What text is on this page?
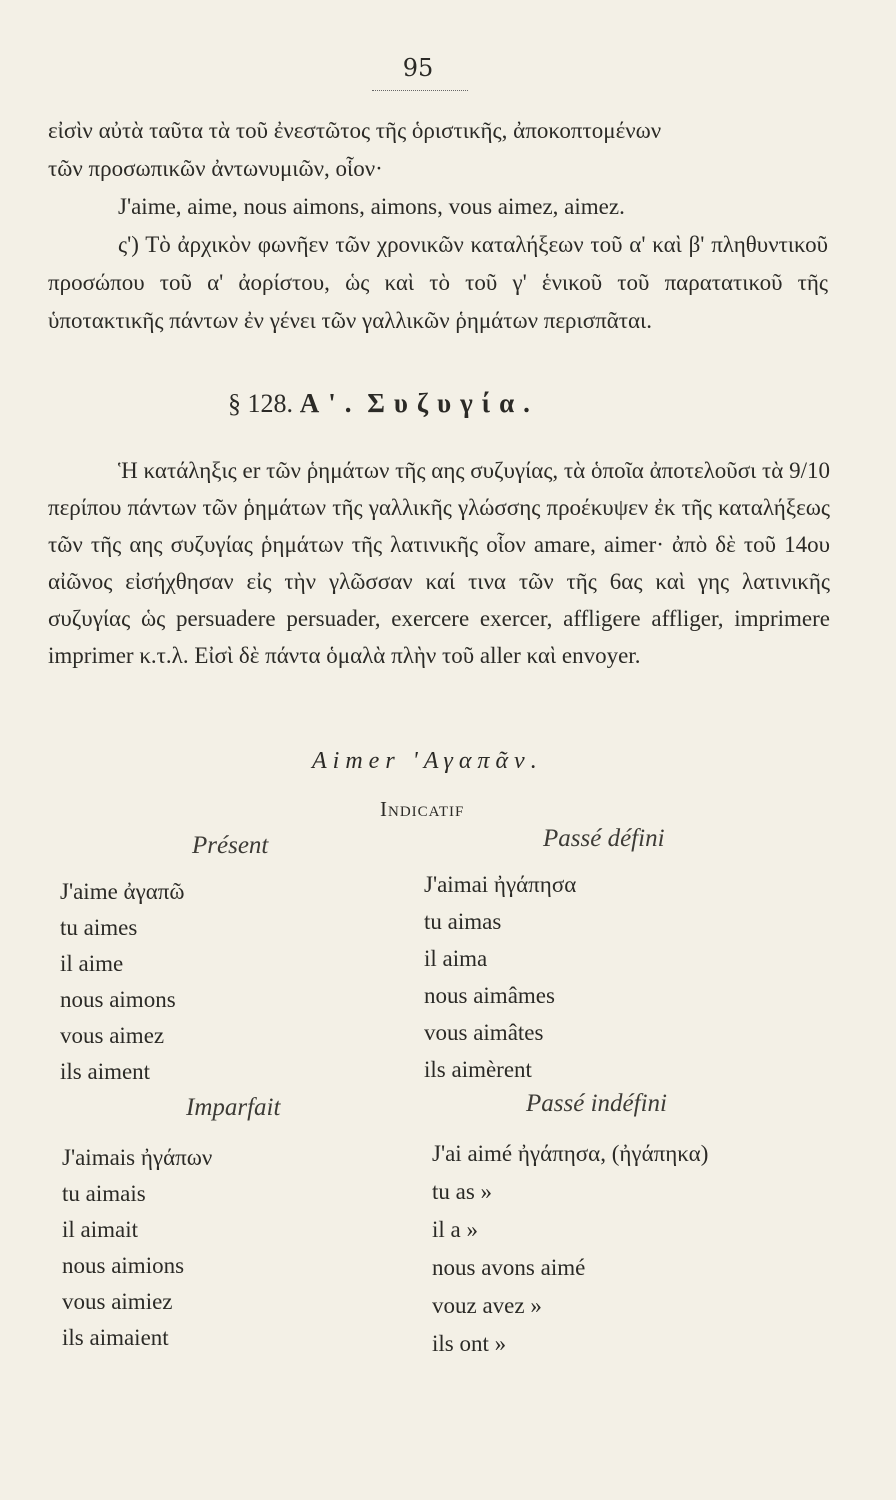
95

εἰσὶν αὐτὰ ταῦτα τὰ τοῦ ἐνεστῶτος τῆς ὁριστικῆς, ἀποκοπτομένων

τῶν προσωπικῶν ἀντωνυμιῶν, οἷον·

J'aime, aime, nous aimons, aimons, vous aimez, aimez.

ς') Τὸ ἀρχικὸν φωνῆεν τῶν χρονικῶν καταλήξεων τοῦ α' καὶ β' πληθυντικοῦ προσώπου τοῦ α' ἀορίστου, ὡς καὶ τὸ τοῦ γ' ἑνικοῦ τοῦ παρατατικοῦ τῆς ὑποτακτικῆς πάντων ἐν γένει τῶν γαλλικῶν ῥημάτων περισπᾶται.

§ 128. Α'. Συζυγία.

Ἡ κατάληξις er τῶν ῥημάτων τῆς αης συζυγίας, τὰ ὁποῖα ἀποτελοῦσι τὰ 9/10 περίπου πάντων τῶν ῥημάτων τῆς γαλλικῆς γλώσσης προέκυψεν ἐκ τῆς καταλήξεως τῶν τῆς αης συζυγίας ῥημάτων τῆς λατινικῆς οἷον amare, aimer· ἀπὸ δὲ τοῦ 14ου αἰῶνος εἰσήχθησαν εἰς τὴν γλῶσσαν καί τινα τῶν τῆς 6ας καὶ γης λατινικῆς συζυγίας ὡς persuadere persuader, exercere exercer, affligere affliger, imprimere imprimer κ.τ.λ. Εἰσὶ δὲ πάντα ὁμαλὰ πλὴν τοῦ aller καὶ envoyer.

Aimer 'Αγαπᾶν.
Indicatif
Présent
J'aime ἀγαπῶ
tu aimes
il aime
nous aimons
vous aimez
ils aiment
Imparfait
J'aimais ἠγάπων
tu aimais
il aimait
nous aimions
vous aimiez
ils aimaient
Passé défini
J'aimai ἠγάπησα
tu aimas
il aima
nous aimâmes
vous aimâtes
ils aimèrent
Passé indéfini
J'ai aimé ἠγάπησα, (ἠγάπηκα)
tu as »
il a »
nous avons aimé
vouz avez »
ils ont »
